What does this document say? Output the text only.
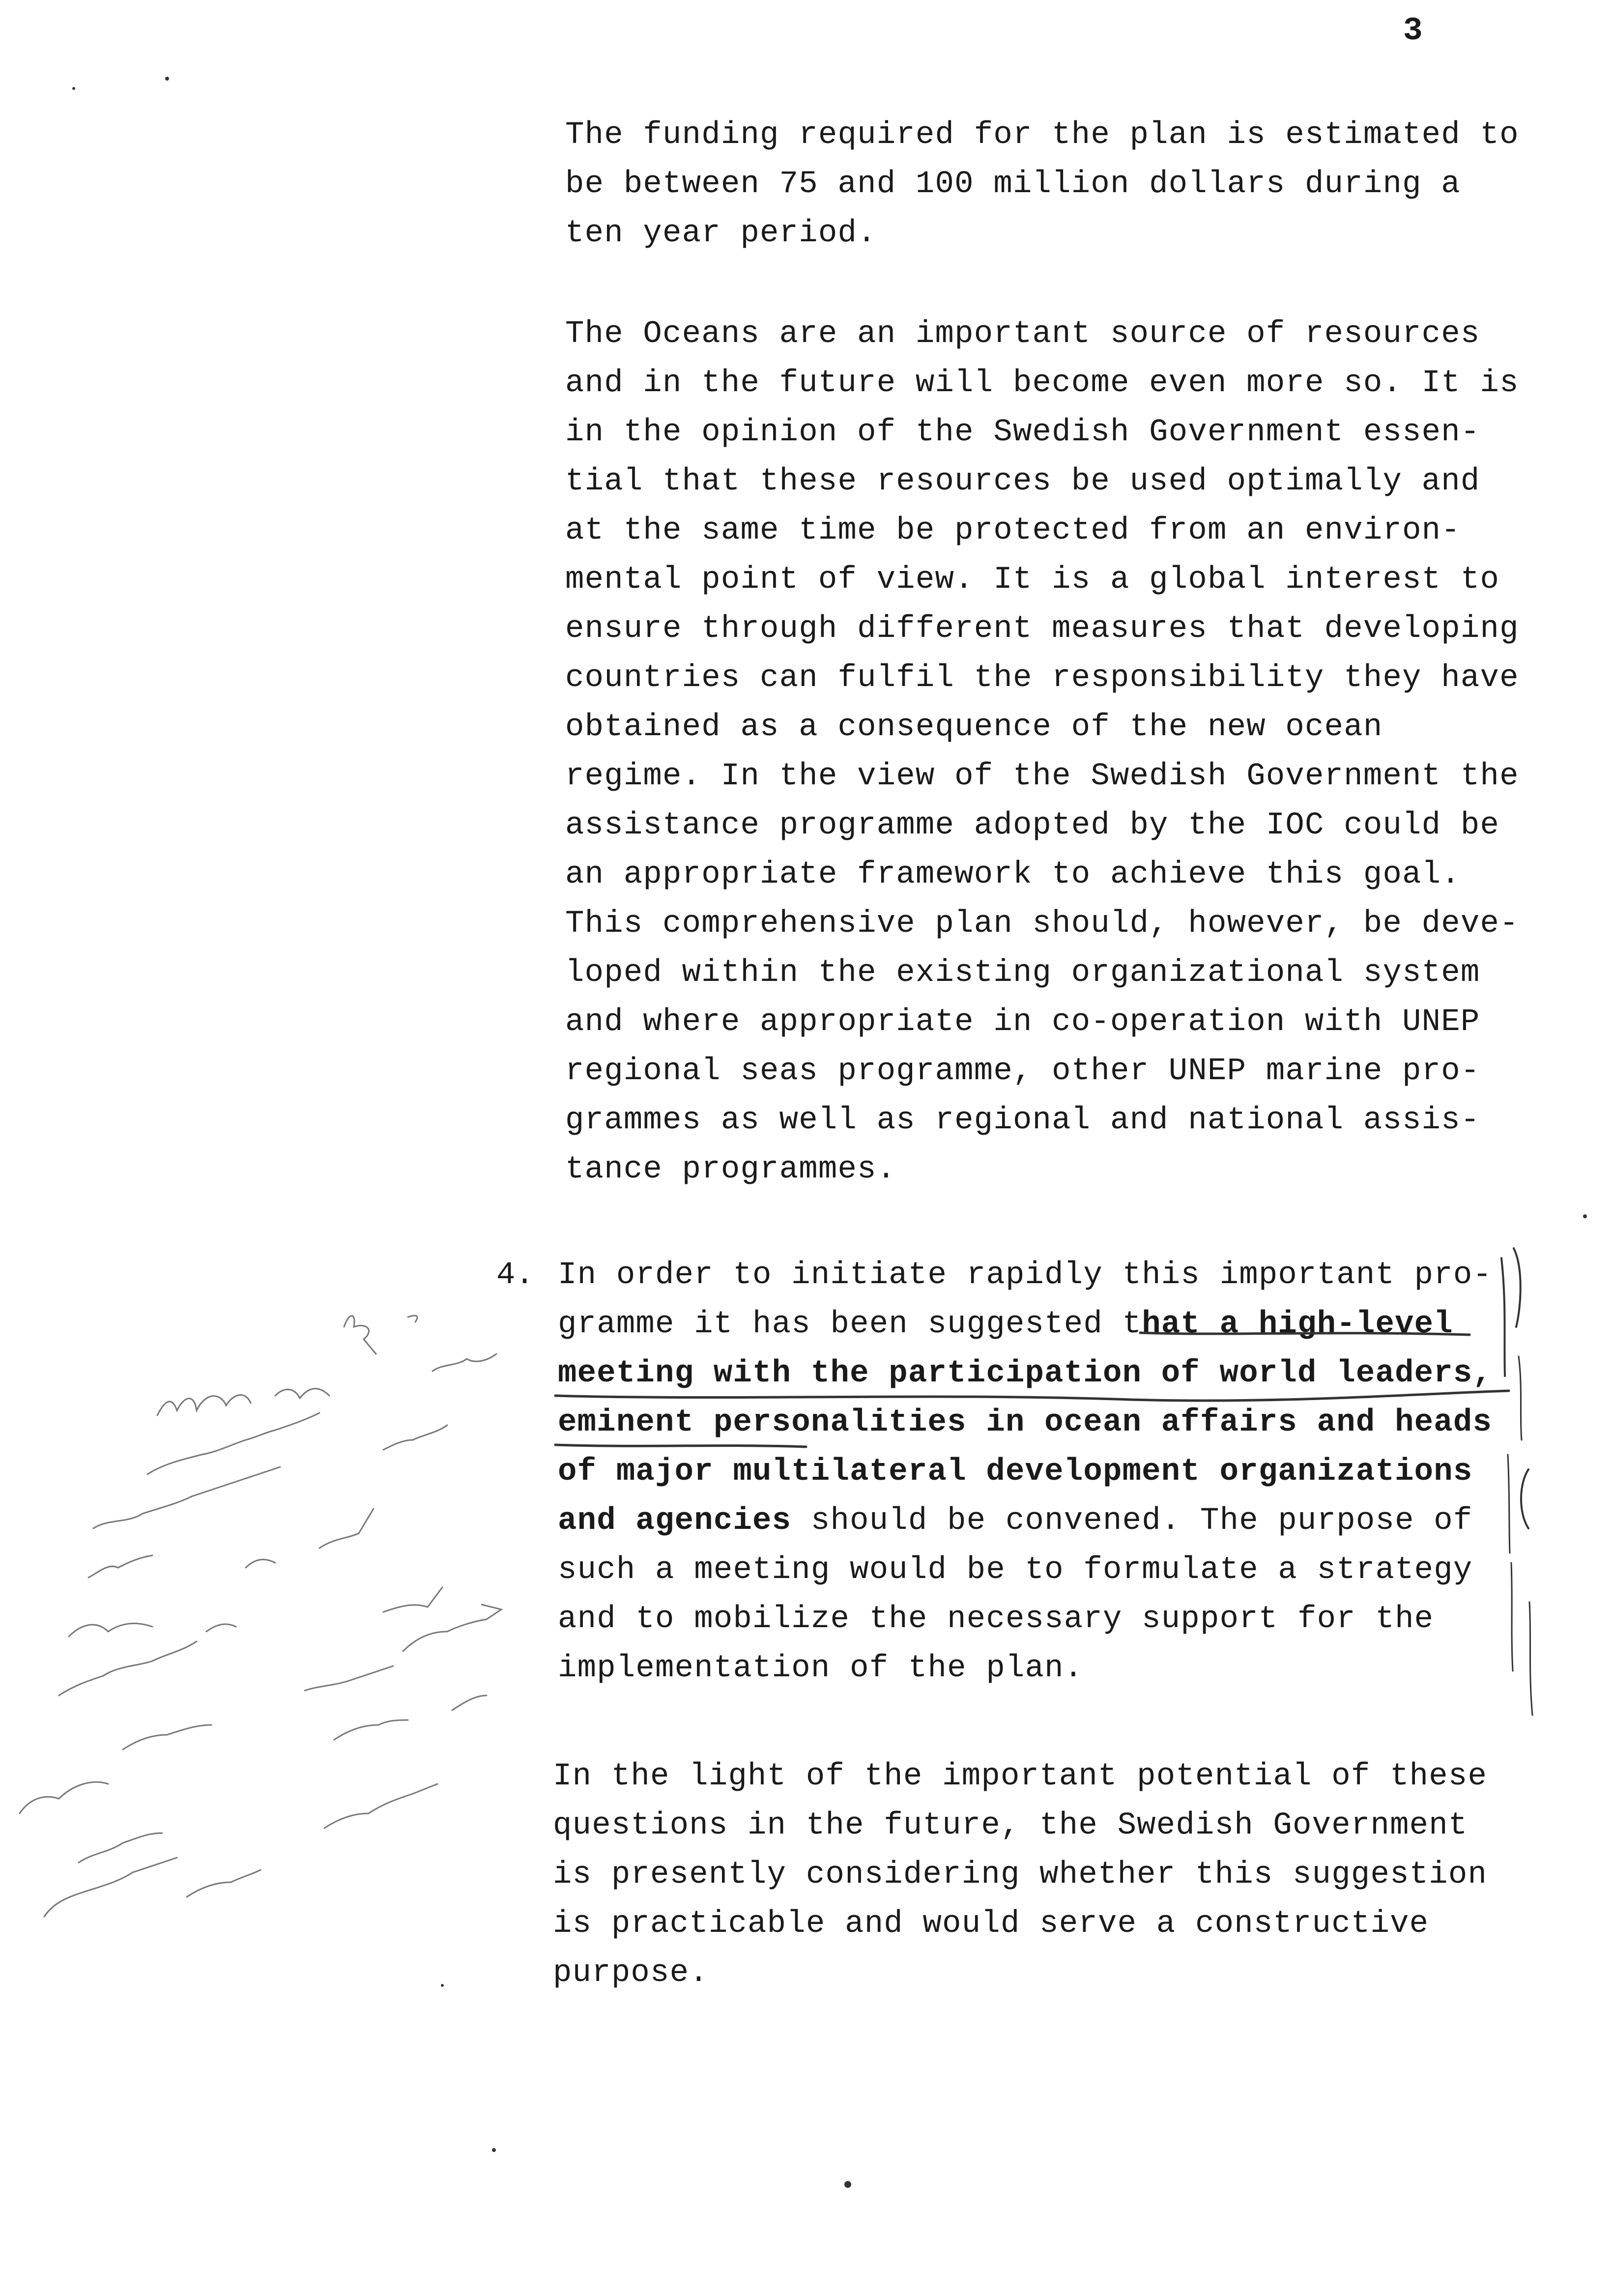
3
The funding required for the plan is estimated to
be between 75 and 100 million dollars during a
ten year period.
The Oceans are an important source of resources
and in the future will become even more so. It is
in the opinion of the Swedish Government essen-
tial that these resources be used optimally and
at the same time be protected from an environ-
mental point of view. It is a global interest to
ensure through different measures that developing
countries can fulfil the responsibility they have
obtained as a consequence of the new ocean
regime. In the view of the Swedish Government the
assistance programme adopted by the IOC could be
an appropriate framework to achieve this goal.
This comprehensive plan should, however, be deve-
loped within the existing organizational system
and where appropriate in co-operation with UNEP
regional seas programme, other UNEP marine pro-
grammes as well as regional and national assis-
tance programmes.
4. In order to initiate rapidly this important pro-
gramme it has been suggested that a high-level
meeting with the participation of world leaders,
eminent personalities in ocean affairs and heads
of major multilateral development organizations
and agencies should be convened. The purpose of
such a meeting would be to formulate a strategy
and to mobilize the necessary support for the
implementation of the plan.
In the light of the important potential of these
questions in the future, the Swedish Government
is presently considering whether this suggestion
is practicable and would serve a constructive
purpose.
